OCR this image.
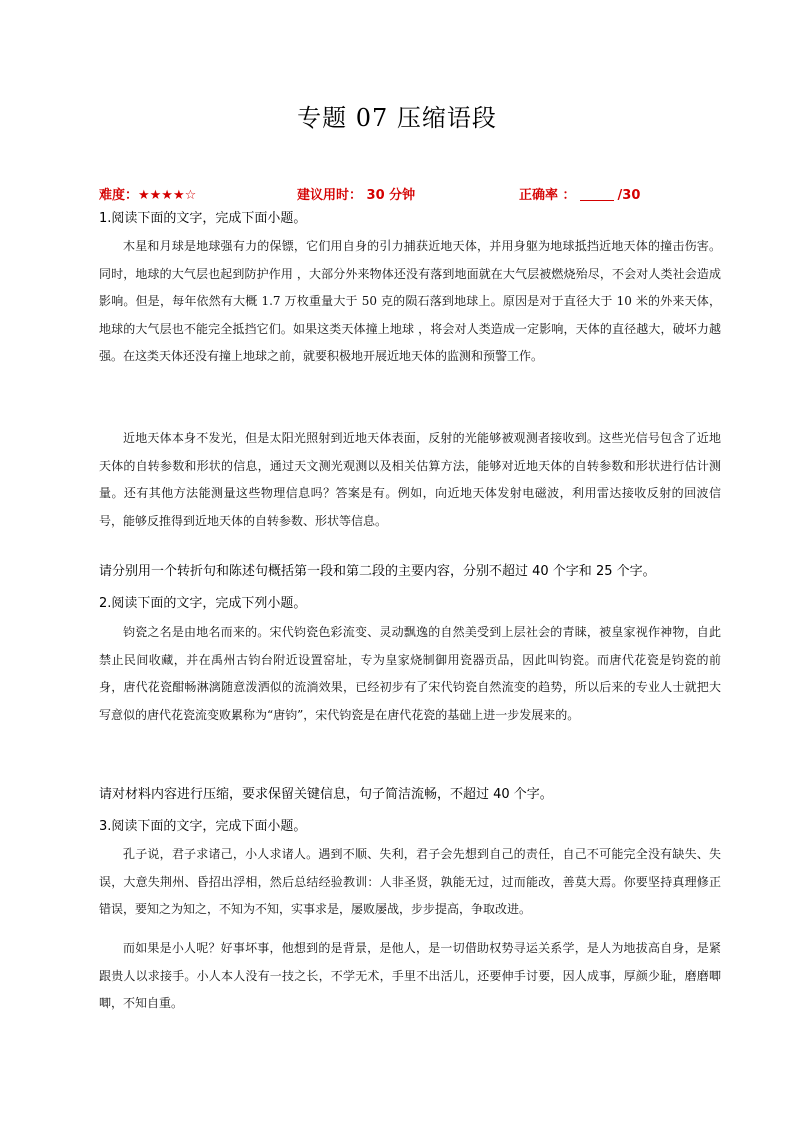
专题 07 压缩语段
难度：★★★★☆	建议用时： 30 分钟	正确率 ：	/30
1.阅读下面的文字，完成下面小题。
木星和月球是地球强有力的保镖，它们用自身的引力捕获近地天体，并用身躯为地球抵挡近地天体的撞击伤害。同时，地球的大气层也起到防护作用 ，大部分外来物体还没有落到地面就在大气层被燃烧殆尽，不会对人类社会造成影响。但是，每年依然有大概 1.7 万枚重量大于 50 克的陨石落到地球上。原因是对于直径大于 10 米的外来天体，地球的大气层也不能完全抵挡它们。如果这类天体撞上地球 ，将会对人类造成一定影响，天体的直径越大，破坏力越强。在这类天体还没有撞上地球之前，就要积极地开展近地天体的监测和预警工作。
近地天体本身不发光，但是太阳光照射到近地天体表面，反射的光能够被观测者接收到。这些光信号包含了近地天体的自转参数和形状的信息，通过天文测光观测以及相关估算方法，能够对近地天体的自转参数和形状进行估计测量。还有其他方法能测量这些物理信息吗？答案是有。例如，向近地天体发射电磁波，利用雷达接收反射的回波信号，能够反推得到近地天体的自转参数、形状等信息。
请分别用一个转折句和陈述句概括第一段和第二段的主要内容，分别不超过 40 个字和 25 个字。
2.阅读下面的文字，完成下列小题。
钧瓷之名是由地名而来的。宋代钧瓷色彩流变、灵动飘逸的自然美受到上层社会的青睐，被皇家视作神物，自此禁止民间收藏，并在禹州古钧台附近设置窑址，专为皇家烧制御用瓷器贡品，因此叫钧瓷。而唐代花瓷是钧瓷的前身，唐代花瓷酣畅淋漓随意泼洒似的流淌效果，已经初步有了宋代钧瓷自然流变的趋势，所以后来的专业人士就把大写意似的唐代花瓷流变败累称为“唐钧”，宋代钧瓷是在唐代花瓷的基础上进一步发展来的。
请对材料内容进行压缩，要求保留关键信息，句子简洁流畅，不超过 40 个字。
3.阅读下面的文字，完成下面小题。
孔子说，君子求诸己，小人求诸人。遇到不顺、失利，君子会先想到自己的责任，自己不可能完全没有缺失、失误，大意失荆州、昏招出浮相，然后总结经验教训：人非圣贤，孰能无过，过而能改，善莫大焉。你要坚持真理修正错误，要知之为知之，不知为不知，实事求是，屡败屡战，步步提高，争取改进。
而如果是小人呢？好事坏事，他想到的是背景，是他人，是一切借助权势寻运关系学，是人为地拔高自身，是紧跟贵人以求接手。小人本人没有一技之长，不学无术，手里不出活儿，还要伸手讨要，因人成事，厚颜少耻，磨磨唧唧，不知自重。
